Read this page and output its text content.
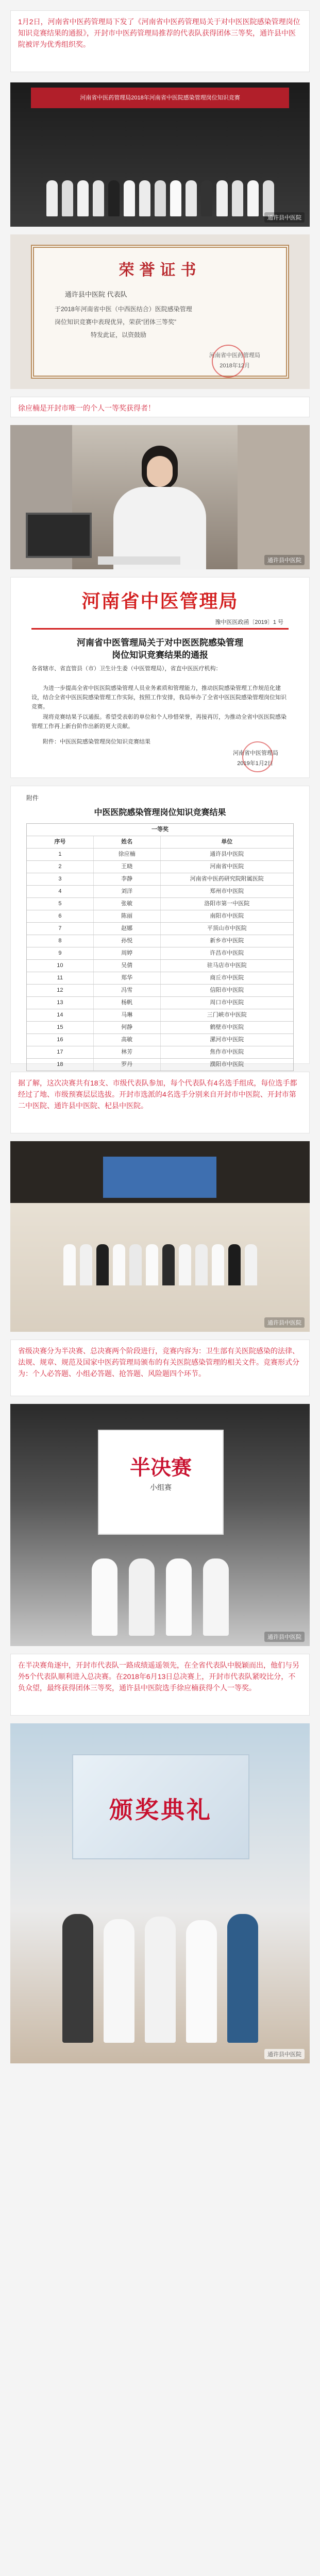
1月2日，河南省中医药管理局下发了《河南省中医药管理局关于对中医医院感染管理岗位知识竞赛结果的通报》，开封市中医药管理局推荐的代表队获得团体三等奖，通许县中医院被评为优秀组织奖。
河南省中医药管理局2018年河南省中医院感染管理岗位知识竞赛
通许县中医院
荣誉证书
通许县中医院 代表队
于2018年河南省中医（中西医结合）医院感染管理
岗位知识竞赛中表现优异，荣获“团体三等奖”
特发此证，以资鼓励
河南省中医药管理局
2018年12月
徐应楠是开封市唯一的个人一等奖获得者！
通许县中医院
河南省中医管理局
豫中医医政函〔2019〕1 号
河南省中医管理局关于对中医医院感染管理
岗位知识竞赛结果的通报
各省辖市、省直管县（市）卫生计生委（中医管理局），省直中医医疗机构：
为进一步提高全省中医医院感染管理人员业务素质和管理能力，推动医院感染管理工作规范化建设，结合全省中医医院感染管理工作实际，按照工作安排，我局举办了全省中医医院感染管理岗位知识竞赛。
现将竞赛结果予以通报。希望受表彰的单位和个人珍惜荣誉，再接再厉，为推动全省中医医院感染管理工作再上新台阶作出新的更大贡献。
附件：中医医院感染管理岗位知识竞赛结果
河南省中医管理局
2019年1月2日
附件
中医医院感染管理岗位知识竞赛结果
一等奖
序号	姓名	单位
1	徐应楠	通许县中医院
2	王晓	河南省中医院
3	李静	河南省中医药研究院附属医院
4	刘洋	郑州市中医院
5	张敏	洛阳市第一中医院
6	陈丽	南阳市中医院
7	赵娜	平顶山市中医院
8	孙悦	新乡市中医院
9	周婷	许昌市中医院
10	吴倩	驻马店市中医院
11	郑华	商丘市中医院
12	冯雪	信阳市中医院
13	杨帆	周口市中医院
14	马琳	三门峡市中医院
15	何静	鹤壁市中医院
16	高敏	漯河市中医院
17	林芳	焦作市中医院
18	罗丹	濮阳市中医院
据了解，这次决赛共有18支、市级代表队参加，每个代表队有4名选手组成，每位选手都经过了地、市级预赛层层选拔。开封市选派的4名选手分别来自开封市中医院、开封市第二中医院、通许县中医院、杞县中医院。
通许县中医院
省级决赛分为半决赛、总决赛两个阶段进行，竞赛内容为：卫生部有关医院感染的法律、法规、规章、规范及国家中医药管理局颁布的有关医院感染管理的相关文件。竞赛形式分为：个人必答题、小组必答题、抢答题、风险题四个环节。
半决赛
小组赛
通许县中医院
在半决赛角逐中，开封市代表队一路成绩遥遥领先，在全省代表队中脱颖而出，他们与另外5个代表队顺利进入总决赛。在2018年6月13日总决赛上，开封市代表队紧咬比分，不负众望，最终获得团体三等奖，通许县中医院选手徐应楠获得个人一等奖。
颁奖典礼
通许县中医院
